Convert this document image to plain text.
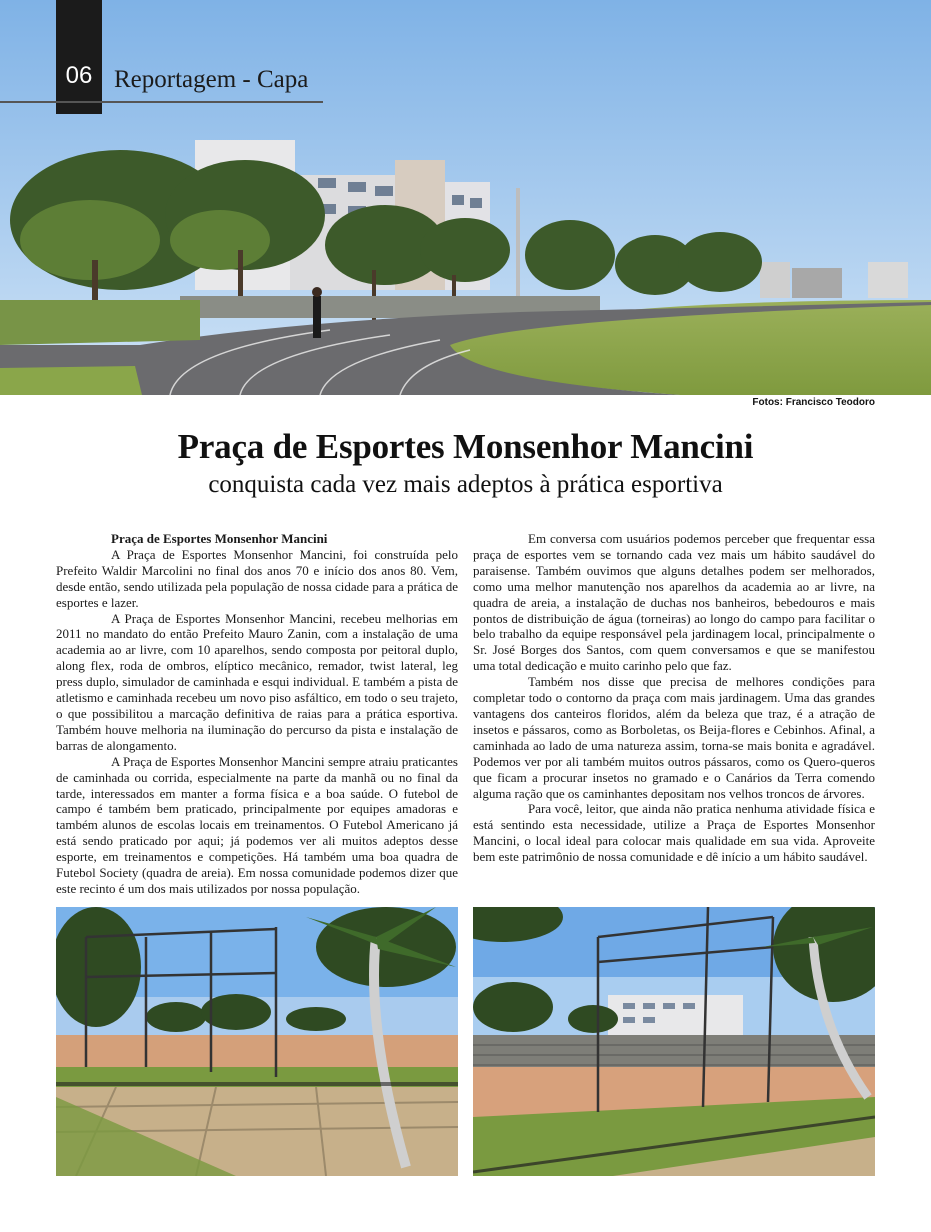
06 Reportagem - Capa
Fotos: Francisco Teodoro
Praça de Esportes Monsenhor Mancini
conquista cada vez mais adeptos à prática esportiva

Praça de Esportes Monsenhor Mancini

A Praça de Esportes Monsenhor Mancini, foi construída pelo Prefeito Waldir Marcolini no final dos anos 70 e início dos anos 80. Vem, desde então, sendo utilizada pela população de nossa cidade para a prática de esportes e lazer.

A Praça de Esportes Monsenhor Mancini, recebeu melhorias em 2011 no mandato do então Prefeito Mauro Zanin, com a instalação de uma academia ao ar livre, com 10 aparelhos, sendo composta por peitoral duplo, along flex, roda de ombros, elíptico mecânico, remador, twist lateral, leg press duplo, simulador de caminhada e esqui individual. E também a pista de atletismo e caminhada recebeu um novo piso asfáltico, em todo o seu trajeto, o que possibilitou a marcação definitiva de raias para a prática esportiva. Também houve melhoria na iluminação do percurso da pista e instalação de barras de alongamento.

A Praça de Esportes Monsenhor Mancini sempre atraiu praticantes de caminhada ou corrida, especialmente na parte da manhã ou no final da tarde, interessados em manter a forma física e a boa saúde. O futebol de campo é também bem praticado, principalmente por equipes amadoras e também alunos de escolas locais em treinamentos. O Futebol Americano já está sendo praticado por aqui; já podemos ver ali muitos adeptos desse esporte, em treinamentos e competições. Há também uma boa quadra de Futebol Society (quadra de areia). Em nossa comunidade podemos dizer que este recinto é um dos mais utilizados por nossa população.

Em conversa com usuários podemos perceber que frequentar essa praça de esportes vem se tornando cada vez mais um hábito saudável do paraisense. Também ouvimos que alguns detalhes podem ser melhorados, como uma melhor manutenção nos aparelhos da academia ao ar livre, na quadra de areia, a instalação de duchas nos banheiros, bebedouros e mais pontos de distribuição de água (torneiras) ao longo do campo para facilitar o belo trabalho da equipe responsável pela jardinagem local, principalmente o Sr. José Borges dos Santos, com quem conversamos e que se manifestou uma total dedicação e muito carinho pelo que faz.

Também nos disse que precisa de melhores condições para completar todo o contorno da praça com mais jardinagem. Uma das grandes vantagens dos canteiros floridos, além da beleza que traz, é a atração de insetos e pássaros, como as Borboletas, os Beija-flores e Cebinhos. Afinal, a caminhada ao lado de uma natureza assim, torna-se mais bonita e agradável. Podemos ver por ali também muitos outros pássaros, como os Quero-queros que ficam a procurar insetos no gramado e o Canários da Terra comendo alguma ração que os caminhantes depositam nos velhos troncos de árvores.

Para você, leitor, que ainda não pratica nenhuma atividade física e está sentindo esta necessidade, utilize a Praça de Esportes Monsenhor Mancini, o local ideal para colocar mais qualidade em sua vida. Aproveite bem este patrimônio de nossa comunidade e dê início a um hábito saudável.
